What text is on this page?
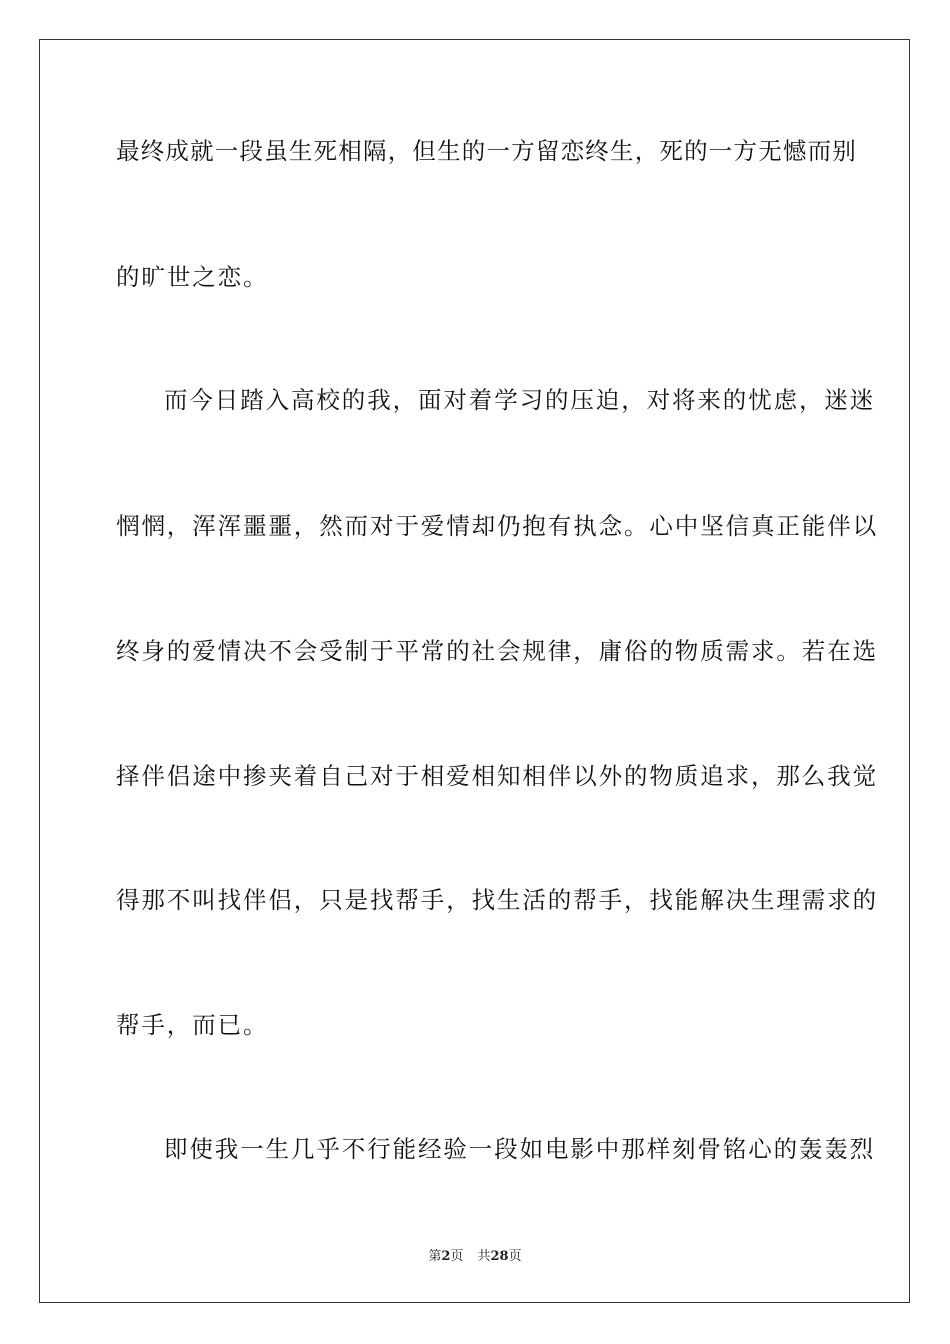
最终成就一段虽生死相隔，但生的一方留恋终生，死的一方无憾而别
的旷世之恋。
而今日踏入高校的我，面对着学习的压迫，对将来的忧虑，迷迷
惘惘，浑浑噩噩，然而对于爱情却仍抱有执念。心中坚信真正能伴以
终身的爱情决不会受制于平常的社会规律，庸俗的物质需求。若在选
择伴侣途中掺夹着自己对于相爱相知相伴以外的物质追求，那么我觉
得那不叫找伴侣，只是找帮手，找生活的帮手，找能解决生理需求的
帮手，而已。
即使我一生几乎不行能经验一段如电影中那样刻骨铭心的轰轰烈
第2页 共28页
